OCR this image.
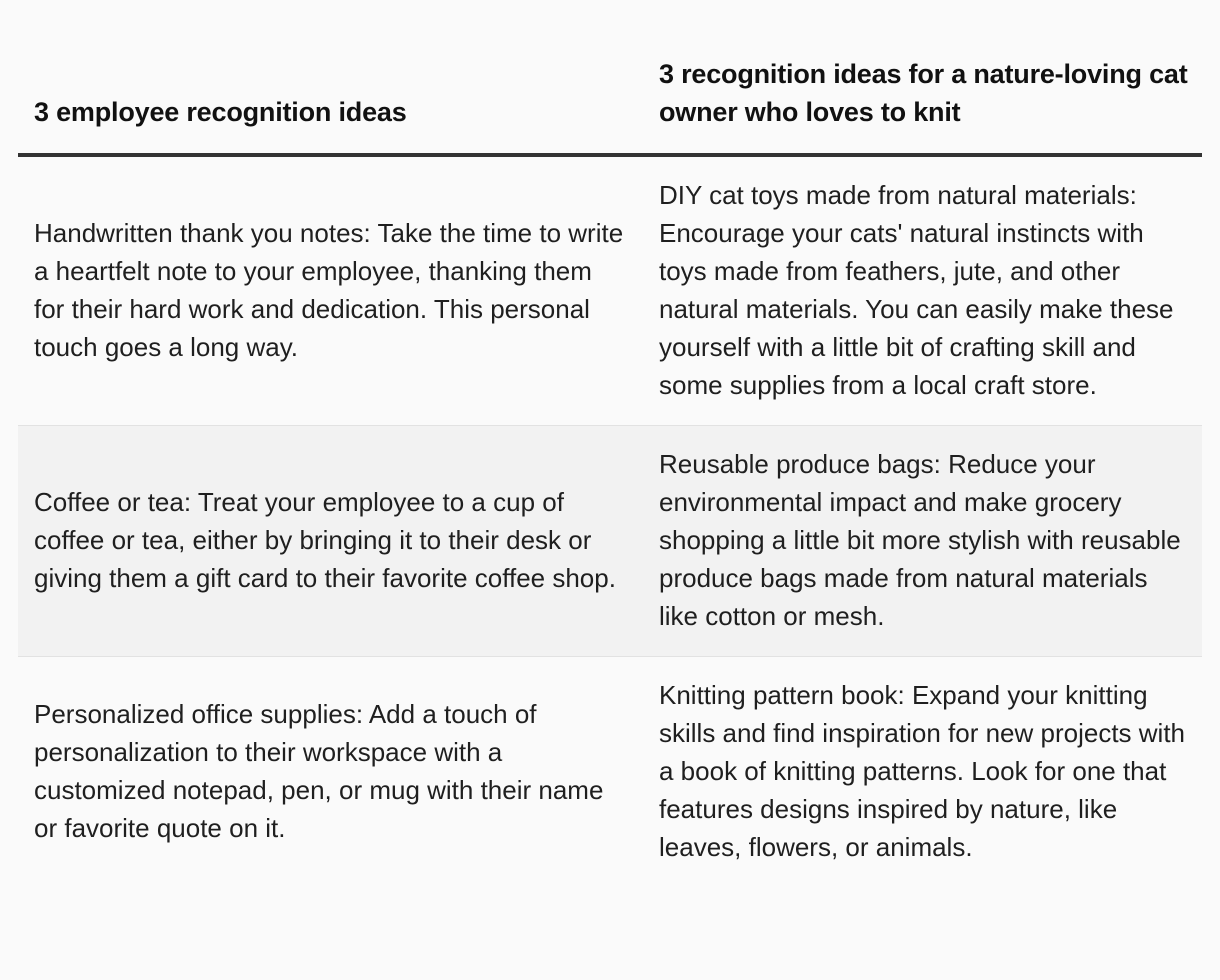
3 employee recognition ideas	3 recognition ideas for a nature-loving cat owner who loves to knit
Handwritten thank you notes: Take the time to write a heartfelt note to your employee, thanking them for their hard work and dedication. This personal touch goes a long way.	DIY cat toys made from natural materials: Encourage your cats' natural instincts with toys made from feathers, jute, and other natural materials. You can easily make these yourself with a little bit of crafting skill and some supplies from a local craft store.
Coffee or tea: Treat your employee to a cup of coffee or tea, either by bringing it to their desk or giving them a gift card to their favorite coffee shop.	Reusable produce bags: Reduce your environmental impact and make grocery shopping a little bit more stylish with reusable produce bags made from natural materials like cotton or mesh.
Personalized office supplies: Add a touch of personalization to their workspace with a customized notepad, pen, or mug with their name or favorite quote on it.	Knitting pattern book: Expand your knitting skills and find inspiration for new projects with a book of knitting patterns. Look for one that features designs inspired by nature, like leaves, flowers, or animals.
